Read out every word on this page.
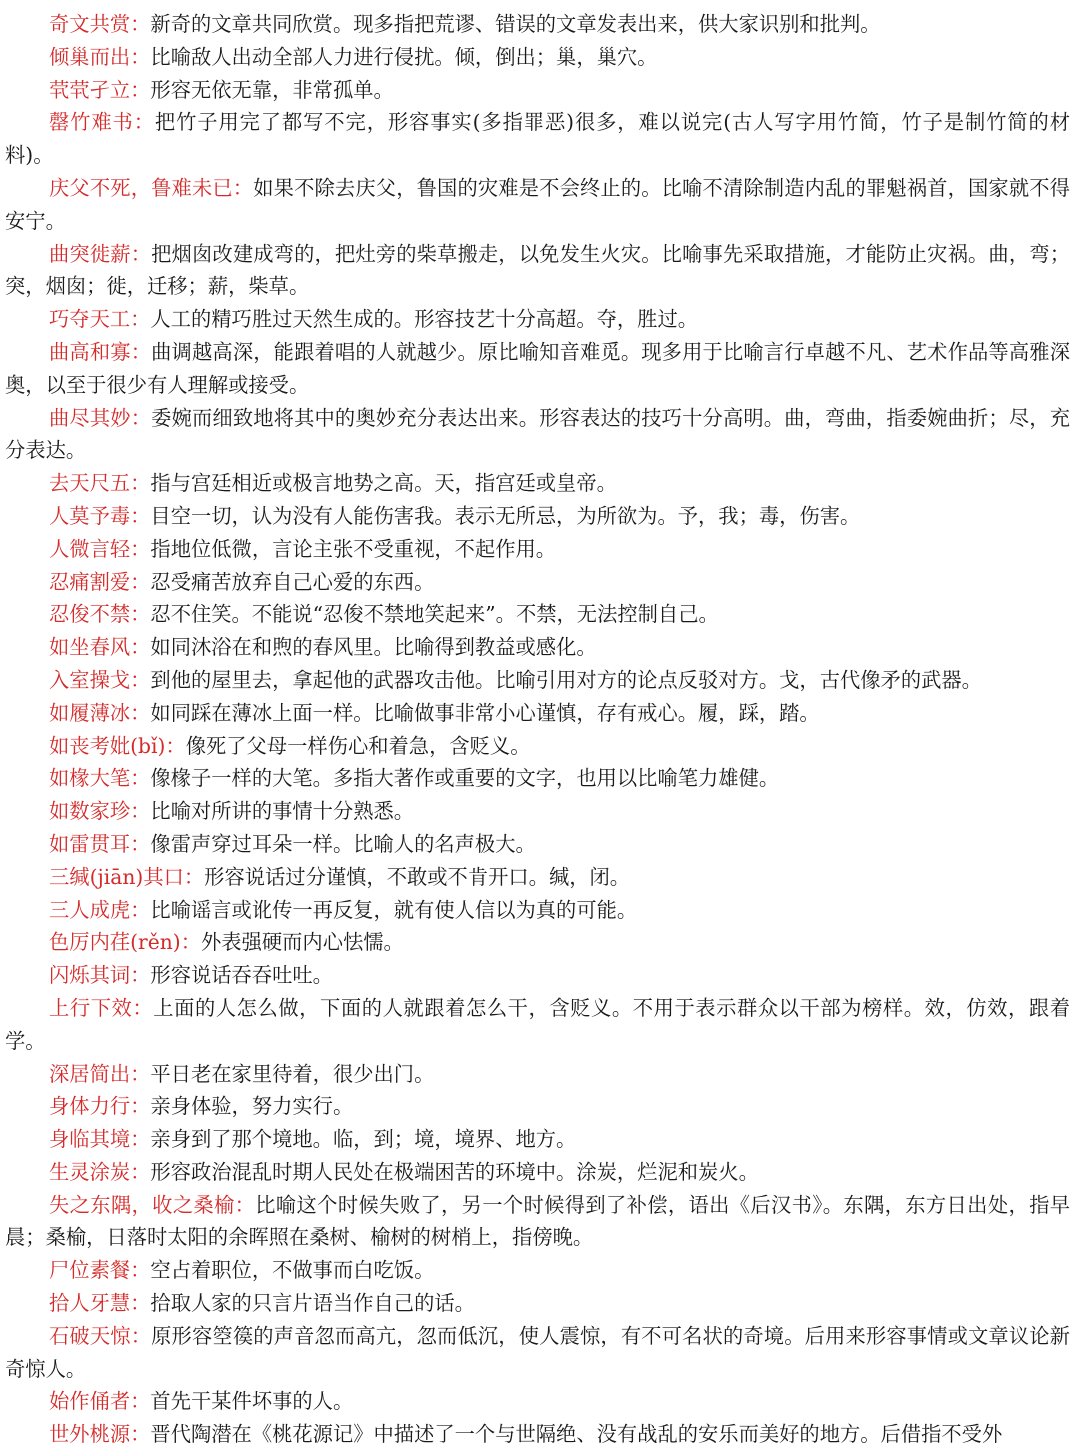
奇文共赏：新奇的文章共同欣赏。现多指把荒谬、错误的文章发表出来，供大家识别和批判。

倾巢而出：比喻敌人出动全部人力进行侵扰。倾，倒出；巢，巢穴。

茕茕孑立：形容无依无靠，非常孤单。

罄竹难书：把竹子用完了都写不完，形容事实(多指罪恶)很多，难以说完(古人写字用竹简，竹子是制竹简的材料)。

庆父不死，鲁难未已：如果不除去庆父，鲁国的灾难是不会终止的。比喻不清除制造内乱的罪魁祸首，国家就不得安宁。

曲突徙薪：把烟囱改建成弯的，把灶旁的柴草搬走，以免发生火灾。比喻事先采取措施，才能防止灾祸。曲，弯；突，烟囱；徙，迁移；薪，柴草。

巧夺天工：人工的精巧胜过天然生成的。形容技艺十分高超。夺，胜过。

曲高和寡：曲调越高深，能跟着唱的人就越少。原比喻知音难觅。现多用于比喻言行卓越不凡、艺术作品等高雅深奥，以至于很少有人理解或接受。

曲尽其妙：委婉而细致地将其中的奥妙充分表达出来。形容表达的技巧十分高明。曲，弯曲，指委婉曲折；尽，充分表达。

去天尺五：指与宫廷相近或极言地势之高。天，指宫廷或皇帝。

人莫予毒：目空一切，认为没有人能伤害我。表示无所忌，为所欲为。予，我；毒，伤害。

人微言轻：指地位低微，言论主张不受重视，不起作用。

忍痛割爱：忍受痛苦放弃自己心爱的东西。

忍俊不禁：忍不住笑。不能说“忍俊不禁地笑起来”。不禁，无法控制自己。

如坐春风：如同沐浴在和煦的春风里。比喻得到教益或感化。

入室操戈：到他的屋里去，拿起他的武器攻击他。比喻引用对方的论点反驳对方。戈，古代像矛的武器。

如履薄冰：如同踩在薄冰上面一样。比喻做事非常小心谨慎，存有戒心。履，踩，踏。

如丧考妣(bǐ)：像死了父母一样伤心和着急，含贬义。

如椽大笔：像椽子一样的大笔。多指大著作或重要的文字，也用以比喻笔力雄健。

如数家珍：比喻对所讲的事情十分熟悉。

如雷贯耳：像雷声穿过耳朵一样。比喻人的名声极大。

三缄(jiān)其口：形容说话过分谨慎，不敢或不肯开口。缄，闭。

三人成虎：比喻谣言或讹传一再反复，就有使人信以为真的可能。

色厉内荏(rěn)：外表强硬而内心怯懦。

闪烁其词：形容说话吞吞吐吐。

上行下效：上面的人怎么做，下面的人就跟着怎么干，含贬义。不用于表示群众以干部为榜样。效，仿效，跟着学。

深居简出：平日老在家里待着，很少出门。

身体力行：亲身体验，努力实行。

身临其境：亲身到了那个境地。临，到；境，境界、地方。

生灵涂炭：形容政治混乱时期人民处在极端困苦的环境中。涂炭，烂泥和炭火。

失之东隅，收之桑榆：比喻这个时候失败了，另一个时候得到了补偿，语出《后汉书》。东隅，东方日出处，指早晨；桑榆，日落时太阳的余晖照在桑树、榆树的树梢上，指傍晚。

尸位素餐：空占着职位，不做事而白吃饭。

拾人牙慧：拾取人家的只言片语当作自己的话。

石破天惊：原形容箜篌的声音忽而高亢，忽而低沉，使人震惊，有不可名状的奇境。后用来形容事情或文章议论新奇惊人。

始作俑者：首先干某件坏事的人。

世外桃源：晋代陶潜在《桃花源记》中描述了一个与世隔绝、没有战乱的安乐而美好的地方。后借指不受外
